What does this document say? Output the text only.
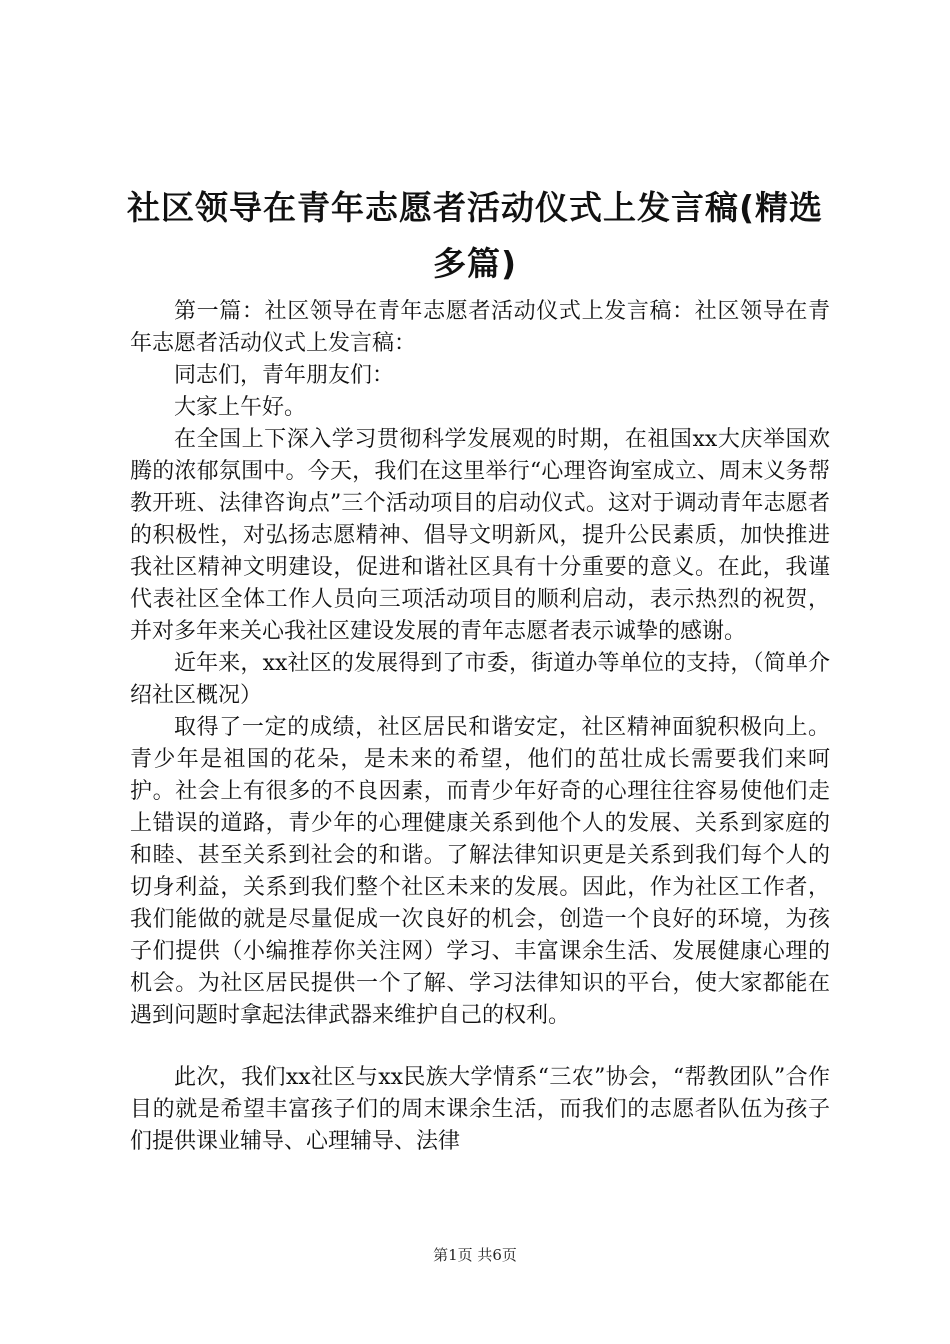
社区领导在青年志愿者活动仪式上发言稿(精选多篇)

第一篇：社区领导在青年志愿者活动仪式上发言稿：社区领导在青年志愿者活动仪式上发言稿：

同志们，青年朋友们：

大家上午好。

在全国上下深入学习贯彻科学发展观的时期，在祖国xx大庆举国欢腾的浓郁氛围中。今天，我们在这里举行“心理咨询室成立、周末义务帮教开班、法律咨询点”三个活动项目的启动仪式。这对于调动青年志愿者的积极性，对弘扬志愿精神、倡导文明新风，提升公民素质，加快推进我社区精神文明建设，促进和谐社区具有十分重要的意义。在此，我谨代表社区全体工作人员向三项活动项目的顺利启动，表示热烈的祝贺，并对多年来关心我社区建设发展的青年志愿者表示诚挚的感谢。

近年来，xx社区的发展得到了市委，街道办等单位的支持，（简单介绍社区概况）

取得了一定的成绩，社区居民和谐安定，社区精神面貌积极向上。青少年是祖国的花朵，是未来的希望，他们的茁壮成长需要我们来呵护。社会上有很多的不良因素，而青少年好奇的心理往往容易使他们走上错误的道路，青少年的心理健康关系到他个人的发展、关系到家庭的和睦、甚至关系到社会的和谐。了解法律知识更是关系到我们每个人的切身利益，关系到我们整个社区未来的发展。因此，作为社区工作者，我们能做的就是尽量促成一次良好的机会，创造一个良好的环境，为孩子们提供（小编推荐你关注网）学习、丰富课余生活、发展健康心理的机会。为社区居民提供一个了解、学习法律知识的平台，使大家都能在遇到问题时拿起法律武器来维护自己的权利。

此次，我们xx社区与xx民族大学情系“三农”协会，“帮教团队”合作目的就是希望丰富孩子们的周末课余生活，而我们的志愿者队伍为孩子们提供课业辅导、心理辅导、法律

第1页 共6页
